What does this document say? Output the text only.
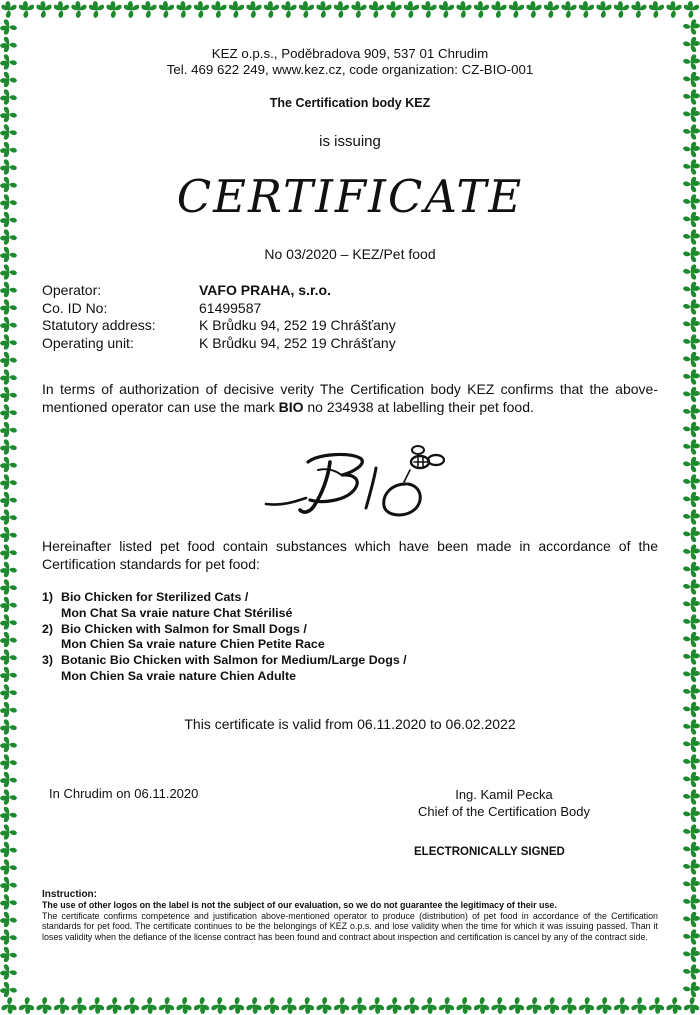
KEZ o.p.s., Poděbradova 909, 537 01 Chrudim
Tel. 469 622 249, www.kez.cz, code organization: CZ-BIO-001
The Certification body KEZ
is issuing
CERTIFICATE
No 03/2020 – KEZ/Pet food
Operator:	VAFO PRAHA, s.r.o.
Co. ID No:	61499587
Statutory address:	K Brůdku 94, 252 19 Chrášťany
Operating unit:	K Brůdku 94, 252 19 Chrášťany
In terms of authorization of decisive verity The Certification body KEZ confirms that the above-mentioned operator can use the mark BIO no 234938 at labelling their pet food.
Hereinafter listed pet food contain substances which have been made in accordance of the Certification standards for pet food:
1) Bio Chicken for Sterilized Cats /
Mon Chat Sa vraie nature Chat Stérilisé
2) Bio Chicken with Salmon for Small Dogs /
Mon Chien Sa vraie nature Chien Petite Race
3) Botanic Bio Chicken with Salmon for Medium/Large Dogs /
Mon Chien Sa vraie nature Chien Adulte
This certificate is valid from 06.11.2020 to 06.02.2022
In Chrudim on 06.11.2020	Ing. Kamil Pecka
Chief of the Certification Body
ELECTRONICALLY SIGNED
Instruction:
The use of other logos on the label is not the subject of our evaluation, so we do not guarantee the legitimacy of their use.
The certificate confirms competence and justification above-mentioned operator to produce (distribution) of pet food in accordance of the Certification standards for pet food. The certificate continues to be the belongings of KEZ o.p.s. and lose validity when the time for which it was issuing passed. Than it loses validity when the defiance of the license contract has been found and contract about inspection and certification is cancel by any of the contract side.
